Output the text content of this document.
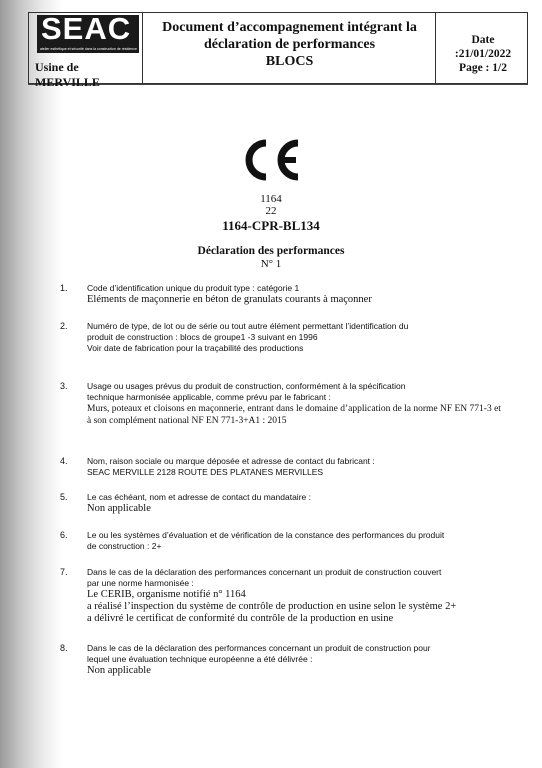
SEAC
atelier esthétique et sécurité dans la construction de résidence
Usine de MERVILLE
Document d’accompagnement intégrant la
déclaration de performances
BLOCS
Date :21/01/2022
Page : 1/2
1164
22
1164-CPR-BL134
Déclaration des performances
N° 1
1.	Code d’identification unique du produit type : catégorie 1

Eléments de maçonnerie en béton de granulats courants à maçonner

2.	Numéro de type, de lot ou de série ou tout autre élément permettant l’identification du

produit de construction : blocs de groupe1 -3 suivant en 1996

Voir date de fabrication pour la traçabilité des productions

3.	Usage ou usages prévus du produit de construction, conformément à la spécification

technique harmonisée applicable, comme prévu par le fabricant :

Murs, poteaux et cloisons en maçonnerie, entrant dans le domaine d’application de la norme NF EN 771-3 et

à son complément national NF EN 771-3+A1 : 2015

4.	Nom, raison sociale ou marque déposée et adresse de contact du fabricant :

SEAC MERVILLE 2128 ROUTE DES PLATANES MERVILLES

5.	Le cas échéant, nom et adresse de contact du mandataire :

Non applicable

6.	Le ou les systèmes d’évaluation et de vérification de la constance des performances du produit

de construction : 2+

7.	Dans le cas de la déclaration des performances concernant un produit de construction couvert

par une norme harmonisée :

Le CERIB, organisme notifié n° 1164

a réalisé l’inspection du système de contrôle de production en usine selon le système 2+

a délivré le certificat de conformité du contrôle de la production en usine

8.	Dans le cas de la déclaration des performances concernant un produit de construction pour

lequel une évaluation technique européenne a été délivrée :

Non applicable
